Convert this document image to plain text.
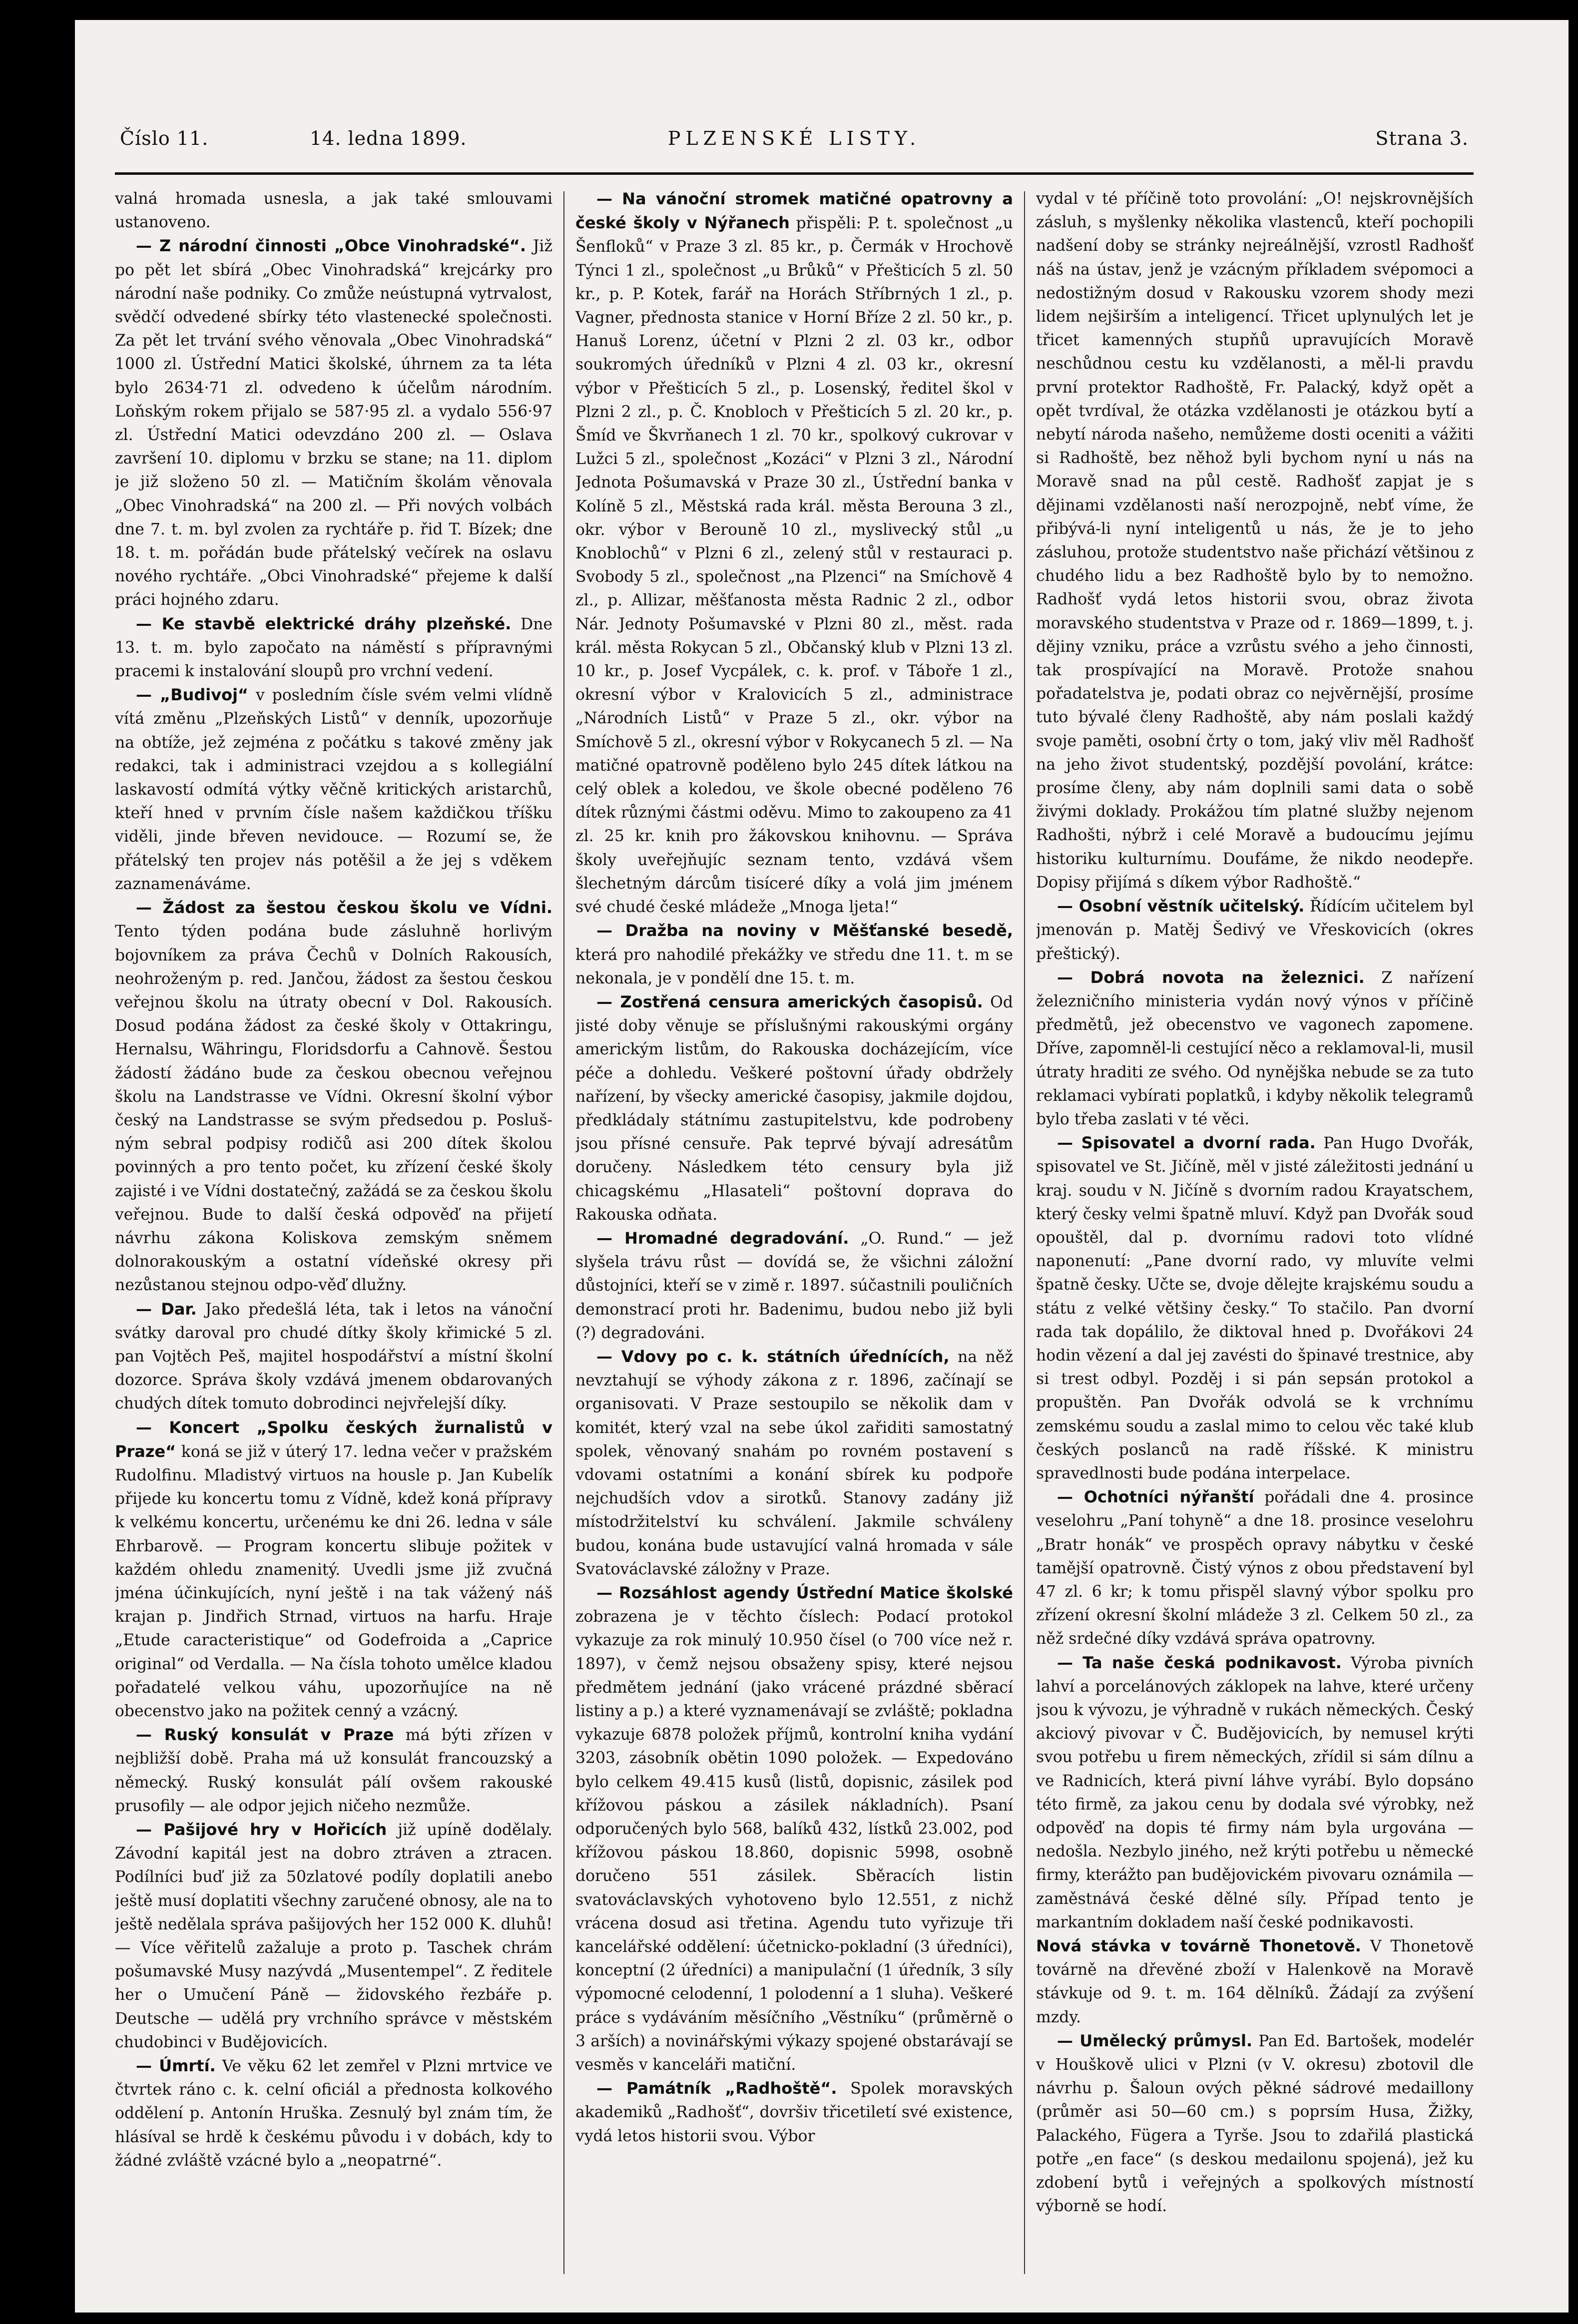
Číslo 11.	14. ledna 1899.	PLZENSKÉ LISTY.	Strana 3.

valná hromada usnesla, a jak také smlouvami ustanoveno.

— Z národní činnosti „Obce Vinohradské“. Již po pět let sbírá „Obec Vinohradská“ krejcárky pro národní naše podniky. Co zmůže neústupná vytrvalost, svědčí odvedené sbírky této vlastenecké společnosti. Za pět let trvání svého věnovala „Obec Vinohradská“ 1000 zl. Ústřední Matici školské, úhrnem za ta léta bylo 2634·71 zl. odvedeno k účelům národním. Loňským rokem přijalo se 587·95 zl. a vydalo 556·97 zl. Ústřední Matici odevzdáno 200 zl. — Oslava završení 10. diplomu v brzku se stane; na 11. diplom je již složeno 50 zl. — Matičním školám věnovala „Obec Vinohradská“ na 200 zl. — Při nových volbách dne 7. t. m. byl zvolen za rychtáře p. řid T. Bízek; dne 18. t. m. pořádán bude přátelský večírek na oslavu nového rychtáře. „Obci Vinohradské“ přejeme k další práci hojného zdaru.

— Ke stavbě elektrické dráhy plzeňské. Dne 13. t. m. bylo započato na náměstí s přípravnými pracemi k instalování sloupů pro vrchní vedení.

— „Budivoj“ v posledním čísle svém velmi vlídně vítá změnu „Plzeňských Listů“ v denník, upozorňuje na obtíže, jež zejména z počátku s takové změny jak redakci, tak i administraci vzejdou a s kollegiální laskavostí odmítá výtky věčně kritických aristarchů, kteří hned v prvním čísle našem každičkou tříšku viděli, jinde břeven nevidouce. — Rozumí se, že přátelský ten projev nás potěšil a že jej s vděkem zaznamenáváme.

— Žádost za šestou českou školu ve Vídni. Tento týden podána bude zásluhně horlivým bojovníkem za práva Čechů v Dolních Rakousích, neohroženým p. red. Jančou, žádost za šestou českou veřejnou školu na útraty obecní v Dol. Rakousích. Dosud podána žádost za české školy v Ottakringu, Hernalsu, Währingu, Floridsdorfu a Cahnově. Šestou žádostí žádáno bude za českou obecnou veřejnou školu na Landstrasse ve Vídni. Okresní školní výbor český na Landstrasse se svým předsedou p. Posluš-ným sebral podpisy rodičů asi 200 dítek školou povinných a pro tento počet, ku zřízení české školy zajisté i ve Vídni dostatečný, zažádá se za českou školu veřejnou. Bude to další česká odpověď na přijetí návrhu zákona Koliskova zemským sněmem dolnorakouským a ostatní vídeňské okresy při nezůstanou stejnou odpo-věď dlužny.

— Dar. Jako předešlá léta, tak i letos na vánoční svátky daroval pro chudé dítky školy křimické 5 zl. pan Vojtěch Peš, majitel hospodářství a místní školní dozorce. Správa školy vzdává jmenem obdarovaných chudých dítek tomuto dobrodinci nejvřelejší díky.

— Koncert „Spolku českých žurnalistů v Praze“ koná se již v úterý 17. ledna večer v pražském Rudolfinu. Mladistvý virtuos na housle p. Jan Kubelík přijede ku koncertu tomu z Vídně, kdež koná přípravy k velkému koncertu, určenému ke dni 26. ledna v sále Ehrbarově. — Program koncertu slibuje požitek v každém ohledu znamenitý. Uvedli jsme již zvučná jména účinkujících, nyní ještě i na tak vážený náš krajan p. Jindřich Strnad, virtuos na harfu. Hraje „Etude caracteristique“ od Godefroida a „Caprice original“ od Verdalla. — Na čísla tohoto umělce kladou pořadatelé velkou váhu, upozorňujíce na ně obecenstvo jako na požitek cenný a vzácný.

— Ruský konsulát v Praze má býti zřízen v nejbližší době. Praha má už konsulát francouzský a německý. Ruský konsulát pálí ovšem rakouské prusofily — ale odpor jejich ničeho nezmůže.

— Pašijové hry v Hořicích již upíně dodělaly. Závodní kapitál jest na dobro ztráven a ztracen. Podílníci buď již za 50zlatové podíly doplatili anebo ještě musí doplatiti všechny zaručené obnosy, ale na to ještě nedělala správa pašijových her 152 000 K. dluhů! — Více věřitelů zažaluje a proto p. Taschek chrám pošumavské Musy nazývdá „Musentempel“. Z ředitele her o Umučení Páně — židovského řezbáře p. Deutsche — udělá pry vrchního správce v městském chudobinci v Budějovicích.

— Úmrtí. Ve věku 62 let zemřel v Plzni mrtvice ve čtvrtek ráno c. k. celní oficiál a přednosta kolkového oddělení p. Antonín Hruška. Zesnulý byl znám tím, že hlásíval se hrdě k českému původu i v dobách, kdy to žádné zvláště vzácné bylo a „neopatrné“.

— Na vánoční stromek matičné opatrovny a české školy v Nýřanech přispěli: P. t. společnost „u Šenfloků“ v Praze 3 zl. 85 kr., p. Čermák v Hrochově Týnci 1 zl., společnost „u Brůků“ v Přešticích 5 zl. 50 kr., p. P. Kotek, farář na Horách Stříbrných 1 zl., p. Vagner, přednosta stanice v Horní Bříze 2 zl. 50 kr., p. Hanuš Lorenz, účetní v Plzni 2 zl. 03 kr., odbor soukromých úředníků v Plzni 4 zl. 03 kr., okresní výbor v Přešticích 5 zl., p. Losenský, ředitel škol v Plzni 2 zl., p. Č. Knobloch v Přešticích 5 zl. 20 kr., p. Šmíd ve Škvrňanech 1 zl. 70 kr., spolkový cukrovar v Lužci 5 zl., společnost „Kozáci“ v Plzni 3 zl., Národní Jednota Pošumavská v Praze 30 zl., Ústřední banka v Kolíně 5 zl., Městská rada král. města Berouna 3 zl., okr. výbor v Berouně 10 zl., myslivecký stůl „u Knoblochů“ v Plzni 6 zl., zelený stůl v restauraci p. Svobody 5 zl., společnost „na Plzenci“ na Smíchově 4 zl., p. Allizar, měšťanosta města Radnic 2 zl., odbor Nár. Jednoty Pošumavské v Plzni 80 zl., měst. rada král. města Rokycan 5 zl., Občanský klub v Plzni 13 zl. 10 kr., p. Josef Vycpálek, c. k. prof. v Táboře 1 zl., okresní výbor v Kralovicích 5 zl., administrace „Národních Listů“ v Praze 5 zl., okr. výbor na Smíchově 5 zl., okresní výbor v Rokycanech 5 zl. — Na matičné opatrovně poděleno bylo 245 dítek látkou na celý oblek a koledou, ve škole obecné poděleno 76 dítek různými částmi oděvu. Mimo to zakoupeno za 41 zl. 25 kr. knih pro žákovskou knihovnu. — Správa školy uveřejňujíc seznam tento, vzdává všem šlechetným dárcům tisíceré díky a volá jim jménem své chudé české mládeže „Mnoga ljeta!“

— Dražba na noviny v Měšťanské besedě, která pro nahodilé překážky ve středu dne 11. t. m se nekonala, je v pondělí dne 15. t. m.

— Zostřená censura amerických časopisů. Od jisté doby věnuje se příslušnými rakouskými orgány americkým listům, do Rakouska docházejícím, více péče a dohledu. Veškeré poštovní úřady obdržely nařízení, by všecky americké časopisy, jakmile dojdou, předkládaly státnímu zastupitelstvu, kde podrobeny jsou přísné censuře. Pak teprvé bývají adresátům doručeny. Následkem této censury byla již chicagskému „Hlasateli“ poštovní doprava do Rakouska odňata.

— Hromadné degradování. „O. Rund.“ — jež slyšela trávu růst — dovídá se, že všichni záložní důstojníci, kteří se v zimě r. 1897. súčastnili pouličních demonstrací proti hr. Badenimu, budou nebo již byli (?) degradováni.

— Vdovy po c. k. státních úřednících, na něž nevztahují se výhody zákona z r. 1896, začínají se organisovati. V Praze sestoupilo se několik dam v komitét, který vzal na sebe úkol zařiditi samostatný spolek, věnovaný snahám po rovném postavení s vdovami ostatními a konání sbírek ku podpoře nejchudších vdov a sirotků. Stanovy zadány již místodržitelství ku schválení. Jakmile schváleny budou, konána bude ustavující valná hromada v sále Svatováclavské záložny v Praze.

— Rozsáhlost agendy Ústřední Matice školské zobrazena je v těchto číslech: Podací protokol vykazuje za rok minulý 10.950 čísel (o 700 více než r. 1897), v čemž nejsou obsaženy spisy, které nejsou předmětem jednání (jako vrácené prázdné sběrací listiny a p.) a které vyznamenávají se zvláště; pokladna vykazuje 6878 položek příjmů, kontrolní kniha vydání 3203, zásobník obětin 1090 položek. — Expedováno bylo celkem 49.415 kusů (listů, dopisnic, zásilek pod křížovou páskou a zásilek nákladních). Psaní odporučených bylo 568, balíků 432, lístků 23.002, pod křížovou páskou 18.860, dopisnic 5998, osobně doručeno 551 zásilek. Sběracích listin svatováclavských vyhotoveno bylo 12.551, z nichž vrácena dosud asi třetina. Agendu tuto vyřizuje tři kancelářské oddělení: účetnicko-pokladní (3 úředníci), konceptní (2 úředníci) a manipulační (1 úředník, 3 síly výpomocné celodenní, 1 polodenní a 1 sluha). Veškeré práce s vydáváním měsíčního „Věstníku“ (průměrně o 3 arších) a novinářskými výkazy spojené obstarávají se vesměs v kanceláři matiční.

— Památník „Radhoště“. Spolek moravských akademiků „Radhošť“, dovršiv třicetiletí své existence, vydá letos historii svou. Výbor

vydal v té příčině toto provolání: „O! nejskrovnějších zásluh, s myšlenky několika vlastenců, kteří pochopili nadšení doby se stránky nejreálnější, vzrostl Radhošť náš na ústav, jenž je vzácným příkladem svépomoci a nedostižným dosud v Rakousku vzorem shody mezi lidem nejširším a inteligencí. Třicet uplynulých let je třicet kamenných stupňů upravujících Moravě neschůdnou cestu ku vzdělanosti, a měl-li pravdu první protektor Radhoště, Fr. Palacký, když opět a opět tvrdíval, že otázka vzdělanosti je otázkou bytí a nebytí národa našeho, nemůžeme dosti oceniti a vážiti si Radhoště, bez něhož byli bychom nyní u nás na Moravě snad na půl cestě. Radhošť zapjat je s dějinami vzdělanosti naší nerozpojně, nebť víme, že přibývá-li nyní inteligentů u nás, že je to jeho zásluhou, protože studentstvo naše přichází většinou z chudého lidu a bez Radhoště bylo by to nemožno. Radhošť vydá letos historii svou, obraz života moravského studentstva v Praze od r. 1869—1899, t. j. dějiny vzniku, práce a vzrůstu svého a jeho činnosti, tak prospívající na Moravě. Protože snahou pořadatelstva je, podati obraz co nejvěrnější, prosíme tuto bývalé členy Radhoště, aby nám poslali každý svoje paměti, osobní črty o tom, jaký vliv měl Radhošť na jeho život studentský, pozdější povolání, krátce: prosíme členy, aby nám doplnili sami data o sobě živými doklady. Prokážou tím platné služby nejenom Radhošti, nýbrž i celé Moravě a budoucímu jejímu historiku kulturnímu. Doufáme, že nikdo neodepře. Dopisy přijímá s díkem výbor Radhoště.“

— Osobní věstník učitelský. Řídícím učitelem byl jmenován p. Matěj Šedivý ve Vřeskovicích (okres přeštický).

— Dobrá novota na železnici. Z nařízení železničního ministeria vydán nový výnos v příčině předmětů, jež obecenstvo ve vagonech zapomene. Dříve, zapomněl-li cestující něco a reklamoval-li, musil útraty hraditi ze svého. Od nynějška nebude se za tuto reklamaci vybírati poplatků, i kdyby několik telegramů bylo třeba zaslati v té věci.

— Spisovatel a dvorní rada. Pan Hugo Dvořák, spisovatel ve St. Jičíně, měl v jisté záležitosti jednání u kraj. soudu v N. Jičíně s dvorním radou Krayatschem, který česky velmi špatně mluví. Když pan Dvořák soud opouštěl, dal p. dvornímu radovi toto vlídné naponenutí: „Pane dvorní rado, vy mluvíte velmi špatně česky. Učte se, dvoje dělejte krajskému soudu a státu z velké většiny česky.“ To stačilo. Pan dvorní rada tak dopálilo, že diktoval hned p. Dvořákovi 24 hodin vězení a dal jej zavésti do špinavé trestnice, aby si trest odbyl. Pozděj i si pán sepsán protokol a propuštěn. Pan Dvořák odvolá se k vrchnímu zemskému soudu a zaslal mimo to celou věc také klub českých poslanců na radě říšské. K ministru spravedlnosti bude podána interpelace.

— Ochotníci nýřanští pořádali dne 4. prosince veselohru „Paní tohyně“ a dne 18. prosince veselohru „Bratr honák“ ve prospěch opravy nábytku v české tamější opatrovně. Čistý výnos z obou představení byl 47 zl. 6 kr; k tomu přispěl slavný výbor spolku pro zřízení okresní školní mládeže 3 zl. Celkem 50 zl., za něž srdečné díky vzdává správa opatrovny.

— Ta naše česká podnikavost. Výroba pivních lahví a porcelánových záklopek na lahve, které určeny jsou k vývozu, je výhradně v rukách německých. Český akciový pivovar v Č. Budějovicích, by nemusel krýti svou potřebu u firem německých, zřídil si sám dílnu a ve Radnicích, která pivní láhve vyrábí. Bylo dopsáno této firmě, za jakou cenu by dodala své výrobky, než odpověď na dopis té firmy nám byla urgována — nedošla. Nezbylo jiného, než krýti potřebu u německé firmy, kterážto pan budějovickém pivovaru oznámila — zaměstnává české dělné síly. Případ tento je markantním dokladem naší české podnikavosti.

Nová stávka v továrně Thonetově. V Thonetově továrně na dřevěné zboží v Halenkově na Moravě stávkuje od 9. t. m. 164 dělníků. Žádají za zvýšení mzdy.

— Umělecký průmysl. Pan Ed. Bartošek, modelér v Houškově ulici v Plzni (v V. okresu) zbotovil dle návrhu p. Šaloun ových pěkné sádrové medaillony (průměr asi 50—60 cm.) s poprsím Husa, Žižky, Palackého, Fügera a Tyrše. Jsou to zdařilá plastická potře „en face“ (s deskou medailonu spojená), jež ku zdobení bytů i veřejných a spolkových místností výborně se hodí.
